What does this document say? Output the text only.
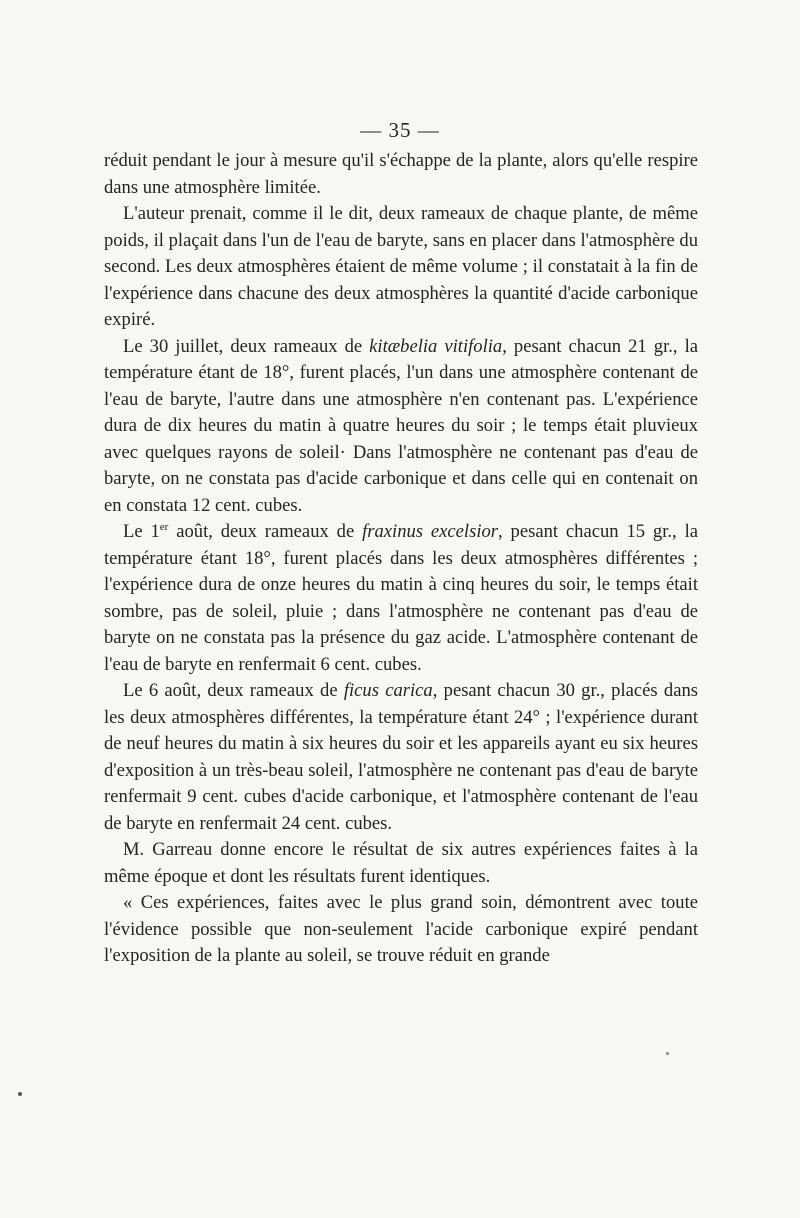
— 35 —

réduit pendant le jour à mesure qu'il s'échappe de la plante, alors qu'elle respire dans une atmosphère limitée.

L'auteur prenait, comme il le dit, deux rameaux de chaque plante, de même poids, il plaçait dans l'un de l'eau de baryte, sans en placer dans l'atmosphère du second. Les deux atmosphères étaient de même volume ; il constatait à la fin de l'expérience dans chacune des deux atmosphères la quantité d'acide carbonique expiré.

Le 30 juillet, deux rameaux de kitæbelia vitifolia, pesant chacun 21 gr., la température étant de 18°, furent placés, l'un dans une atmosphère contenant de l'eau de baryte, l'autre dans une atmosphère n'en contenant pas. L'expérience dura de dix heures du matin à quatre heures du soir ; le temps était pluvieux avec quelques rayons de soleil· Dans l'atmosphère ne contenant pas d'eau de baryte, on ne constata pas d'acide carbonique et dans celle qui en contenait on en constata 12 cent. cubes.

Le 1er août, deux rameaux de fraxinus excelsior, pesant chacun 15 gr., la température étant 18°, furent placés dans les deux atmosphères différentes ; l'expérience dura de onze heures du matin à cinq heures du soir, le temps était sombre, pas de soleil, pluie ; dans l'atmosphère ne contenant pas d'eau de baryte on ne constata pas la présence du gaz acide. L'atmosphère contenant de l'eau de baryte en renfermait 6 cent. cubes.

Le 6 août, deux rameaux de ficus carica, pesant chacun 30 gr., placés dans les deux atmosphères différentes, la température étant 24° ; l'expérience durant de neuf heures du matin à six heures du soir et les appareils ayant eu six heures d'exposition à un très-beau soleil, l'atmosphère ne contenant pas d'eau de baryte renfermait 9 cent. cubes d'acide carbonique, et l'atmosphère contenant de l'eau de baryte en renfermait 24 cent. cubes.

M. Garreau donne encore le résultat de six autres expériences faites à la même époque et dont les résultats furent identiques.

« Ces expériences, faites avec le plus grand soin, démontrent avec toute l'évidence possible que non-seulement l'acide carbonique expiré pendant l'exposition de la plante au soleil, se trouve réduit en grande
